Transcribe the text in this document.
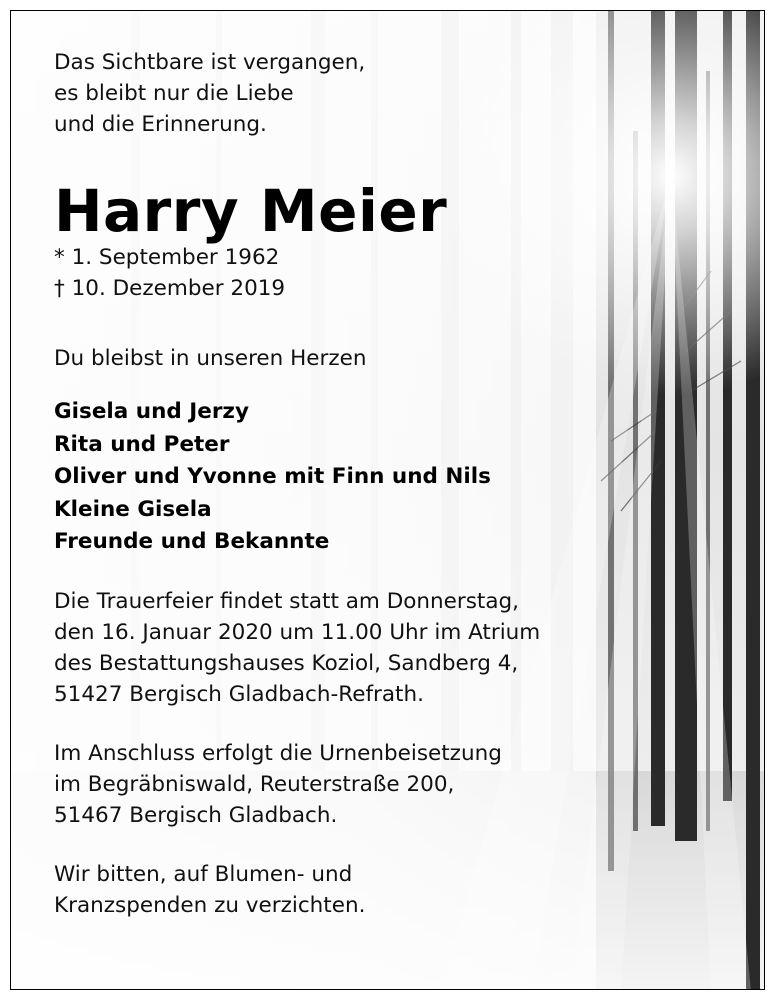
Das Sichtbare ist vergangen,
es bleibt nur die Liebe
und die Erinnerung.
Harry Meier
* 1. September 1962
† 10. Dezember 2019
Du bleibst in unseren Herzen
Gisela und Jerzy
Rita und Peter
Oliver und Yvonne mit Finn und Nils
Kleine Gisela
Freunde und Bekannte
Die Trauerfeier findet statt am Donnerstag,
den 16. Januar 2020 um 11.00 Uhr im Atrium
des Bestattungshauses Koziol, Sandberg 4,
51427 Bergisch Gladbach-Refrath.
Im Anschluss erfolgt die Urnenbeisetzung
im Begräbniswald, Reuterstraße 200,
51467 Bergisch Gladbach.
Wir bitten, auf Blumen- und
Kranzspenden zu verzichten.
